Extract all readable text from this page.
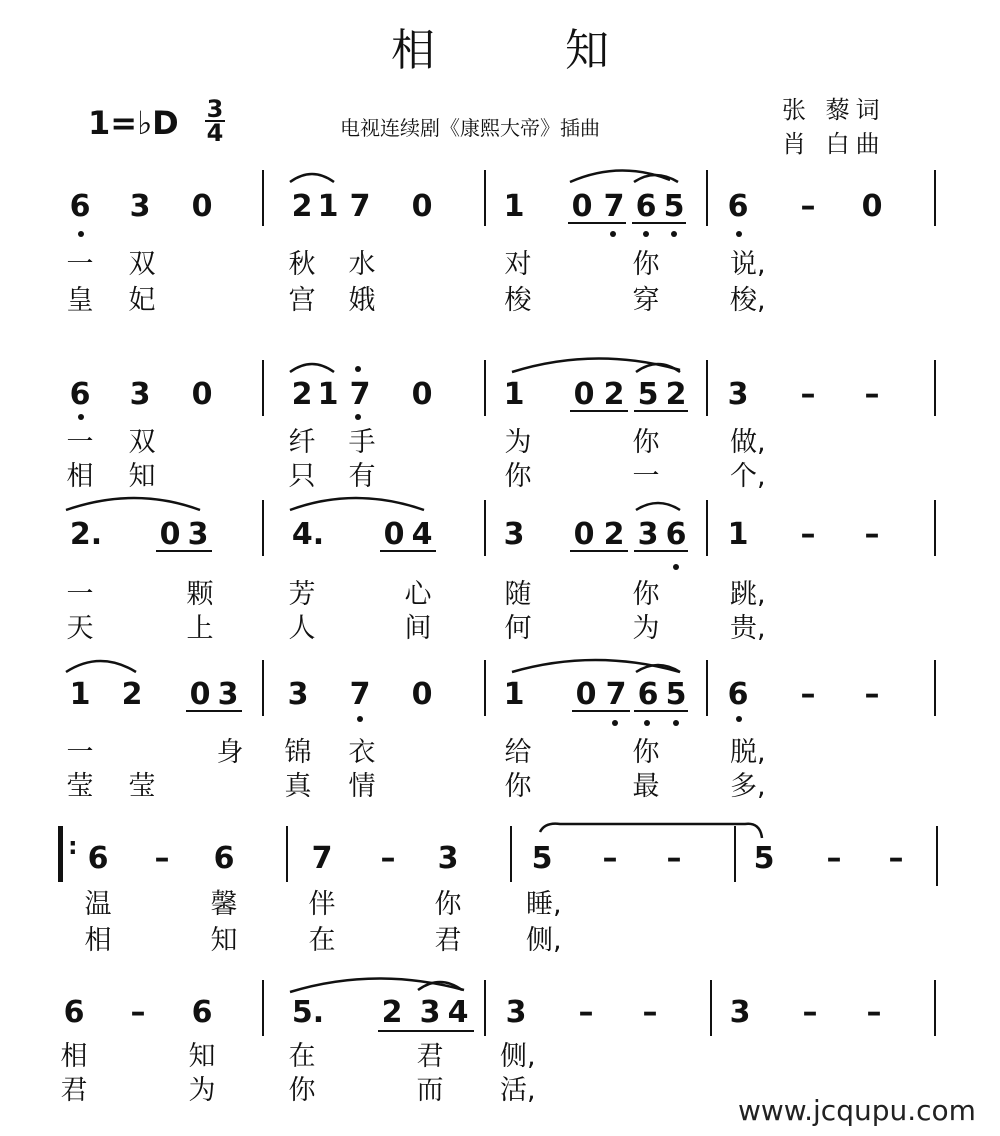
相知
1=♭D 3
4	电视连续剧《康熙大帝》插曲
张 藜词
肖 白曲
6 3 0	2 1 7 0 1 0 7 6 5 6 – 0
一 双	秋 水	对	你	说,
皇 妃	宫 娥	梭	穿	梭,
6 3 0	2 1 7 0 1 0 2 5 2 3 – –
一 双	纤 手	为	你	做,
相 知	只 有	你	一	个,
2. 0 3	4. 0 4 3 0 2 3 6 1 – –
一	颗	芳	心	随	你	跳,
天	上	人	间	何	为	贵,
1 2 0 3 3 7 0 1 0 7 6 5 6 – –
一	身 锦 衣	给	你	脱,
莹 莹	真 情	你	最	多,
: 6 – 6	7 – 3 5 – – 5 – –
温	馨	伴	你 睡,
相	知	在	君 侧,
6 – 6	5. 2 3 4 3 – – 3 – –
相	知	在	君 侧,
君	为	你	而 活,
www.jcqupu.com
